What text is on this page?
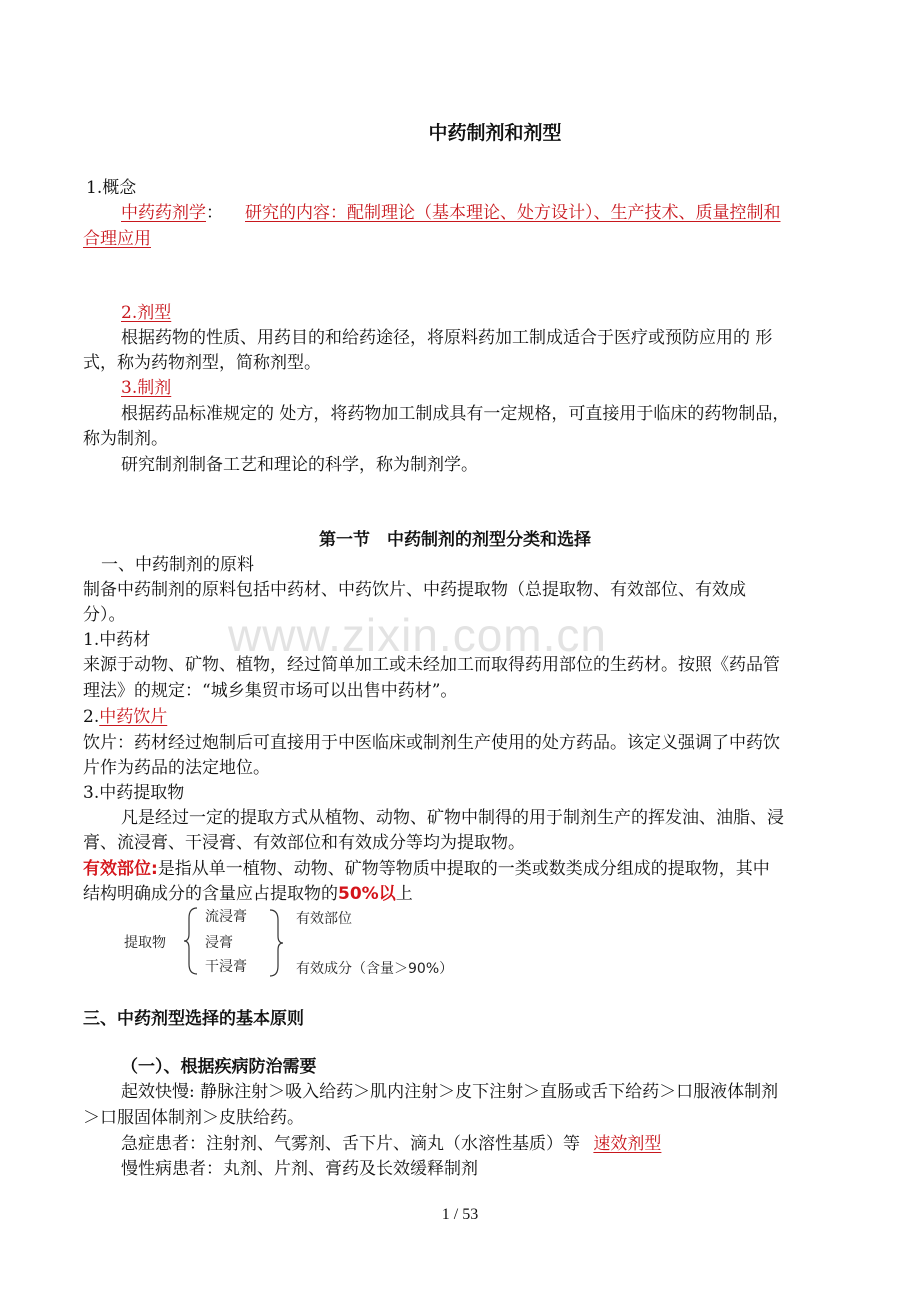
中药制剂和剂型
1.概念
中药药剂学： 研究的内容：配制理论（基本理论、处方设计）、生产技术、质量控制和
合理应用
2.剂型
根据药物的性质、用药目的和给药途径，将原料药加工制成适合于医疗或预防应用的 形
式，称为药物剂型，简称剂型。
3.制剂
根据药品标准规定的 处方，将药物加工制成具有一定规格，可直接用于临床的药物制品，
称为制剂。
研究制剂制备工艺和理论的科学，称为制剂学。
第一节　中药制剂的剂型分类和选择
一、中药制剂的原料
制备中药制剂的原料包括中药材、中药饮片、中药提取物（总提取物、有效部位、有效成
分）。 www.zixin.com.cn
1.中药材
来源于动物、矿物、植物，经过简单加工或未经加工而取得药用部位的生药材。按照《药品管
理法》的规定：“城乡集贸市场可以出售中药材”。
2.中药饮片
饮片：药材经过炮制后可直接用于中医临床或制剂生产使用的处方药品。该定义强调了中药饮
片作为药品的法定地位。
3.中药提取物
凡是经过一定的提取方式从植物、动物、矿物中制得的用于制剂生产的挥发油、油脂、浸
膏、流浸膏、干浸膏、有效部位和有效成分等均为提取物。
有效部位:是指从单一植物、动物、矿物等物质中提取的一类或数类成分组成的提取物，其中
结构明确成分的含量应占提取物的50%以上
提取物
流浸膏
浸膏
干浸膏
有效部位
有效成分（含量＞90%）
三、中药剂型选择的基本原则
（一）、根据疾病防治需要
起效快慢: 静脉注射＞吸入给药＞肌内注射＞皮下注射＞直肠或舌下给药＞口服液体制剂
＞口服固体制剂＞皮肤给药。
急症患者：注射剂、气雾剂、舌下片、滴丸（水溶性基质）等 速效剂型
慢性病患者：丸剂、片剂、膏药及长效缓释制剂
1 / 53
